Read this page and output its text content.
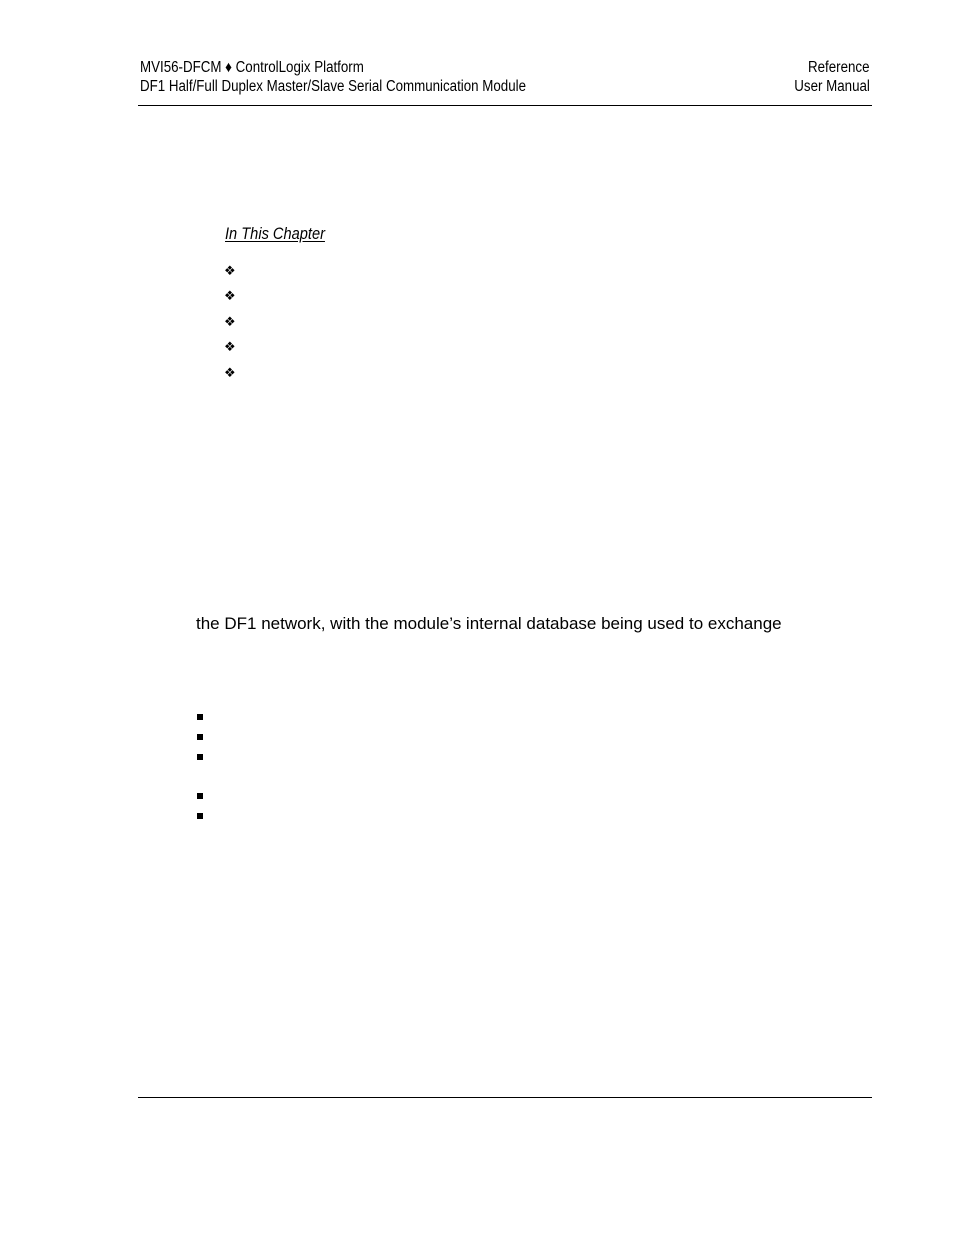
MVI56-DFCM ♦ ControlLogix Platform
DF1 Half/Full Duplex Master/Slave Serial Communication Module
Reference
User Manual
In This Chapter
❖
❖
❖
❖
❖
the DF1 network, with the module’s internal database being used to exchange
